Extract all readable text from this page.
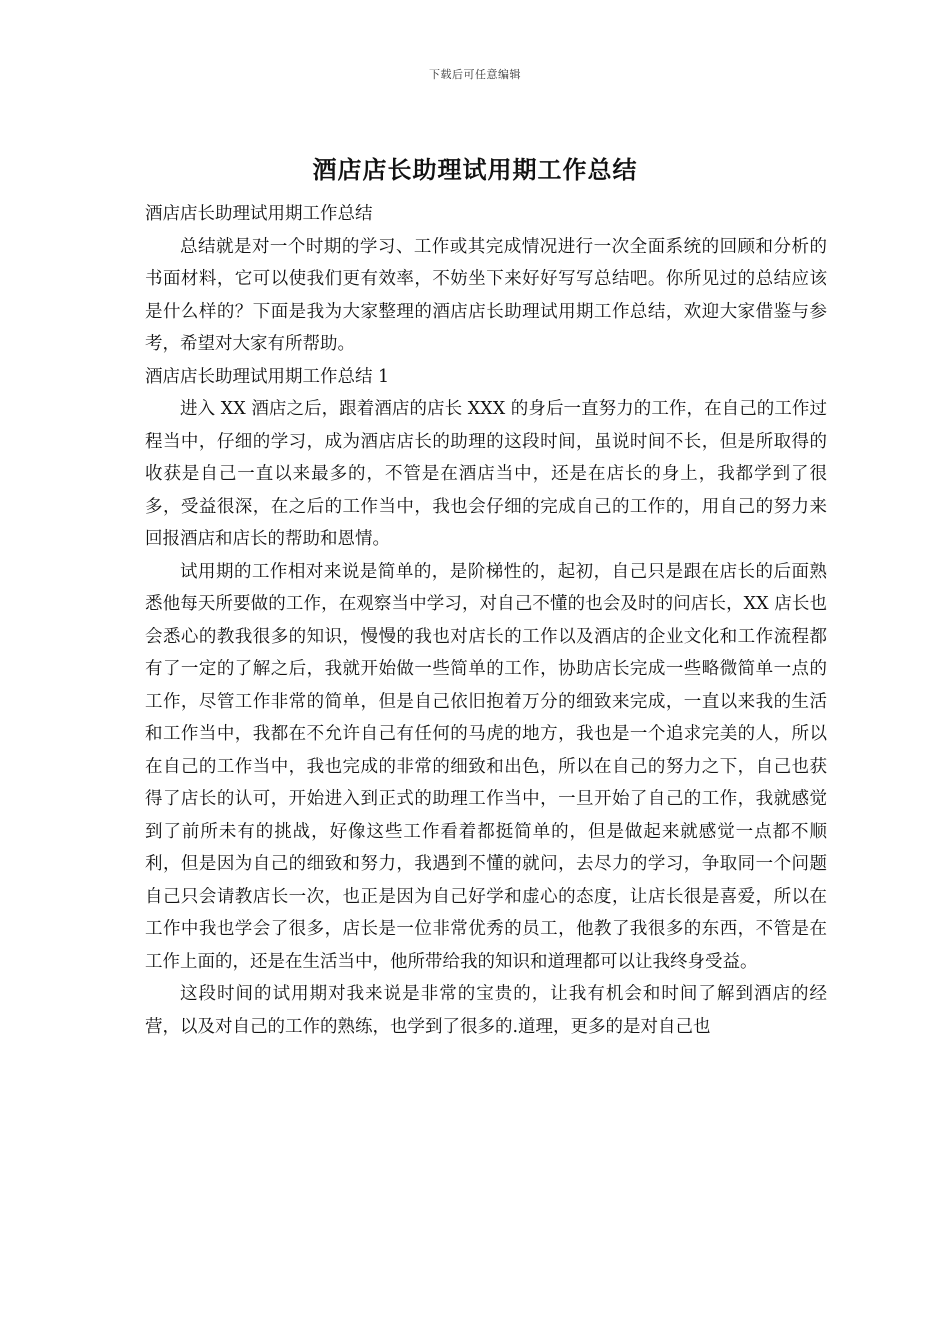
下载后可任意编辑
酒店店长助理试用期工作总结

酒店店长助理试用期工作总结

总结就是对一个时期的学习、工作或其完成情况进行一次全面系统的回顾和分析的书面材料，它可以使我们更有效率，不妨坐下来好好写写总结吧。你所见过的总结应该是什么样的？下面是我为大家整理的酒店店长助理试用期工作总结，欢迎大家借鉴与参考，希望对大家有所帮助。

酒店店长助理试用期工作总结 1

进入 XX 酒店之后，跟着酒店的店长 XXX 的身后一直努力的工作，在自己的工作过程当中，仔细的学习，成为酒店店长的助理的这段时间，虽说时间不长，但是所取得的收获是自己一直以来最多的，不管是在酒店当中，还是在店长的身上，我都学到了很多，受益很深，在之后的工作当中，我也会仔细的完成自己的工作的，用自己的努力来回报酒店和店长的帮助和恩情。

试用期的工作相对来说是简单的，是阶梯性的，起初，自己只是跟在店长的后面熟悉他每天所要做的工作，在观察当中学习，对自己不懂的也会及时的问店长，XX 店长也会悉心的教我很多的知识，慢慢的我也对店长的工作以及酒店的企业文化和工作流程都有了一定的了解之后，我就开始做一些简单的工作，协助店长完成一些略微简单一点的工作，尽管工作非常的简单，但是自己依旧抱着万分的细致来完成，一直以来我的生活和工作当中，我都在不允许自己有任何的马虎的地方，我也是一个追求完美的人，所以在自己的工作当中，我也完成的非常的细致和出色，所以在自己的努力之下，自己也获得了店长的认可，开始进入到正式的助理工作当中，一旦开始了自己的工作，我就感觉到了前所未有的挑战，好像这些工作看着都挺简单的，但是做起来就感觉一点都不顺利，但是因为自己的细致和努力，我遇到不懂的就问，去尽力的学习，争取同一个问题自己只会请教店长一次，也正是因为自己好学和虚心的态度，让店长很是喜爱，所以在工作中我也学会了很多，店长是一位非常优秀的员工，他教了我很多的东西，不管是在工作上面的，还是在生活当中，他所带给我的知识和道理都可以让我终身受益。

这段时间的试用期对我来说是非常的宝贵的，让我有机会和时间了解到酒店的经营，以及对自己的工作的熟练，也学到了很多的.道理，更多的是对自己也
